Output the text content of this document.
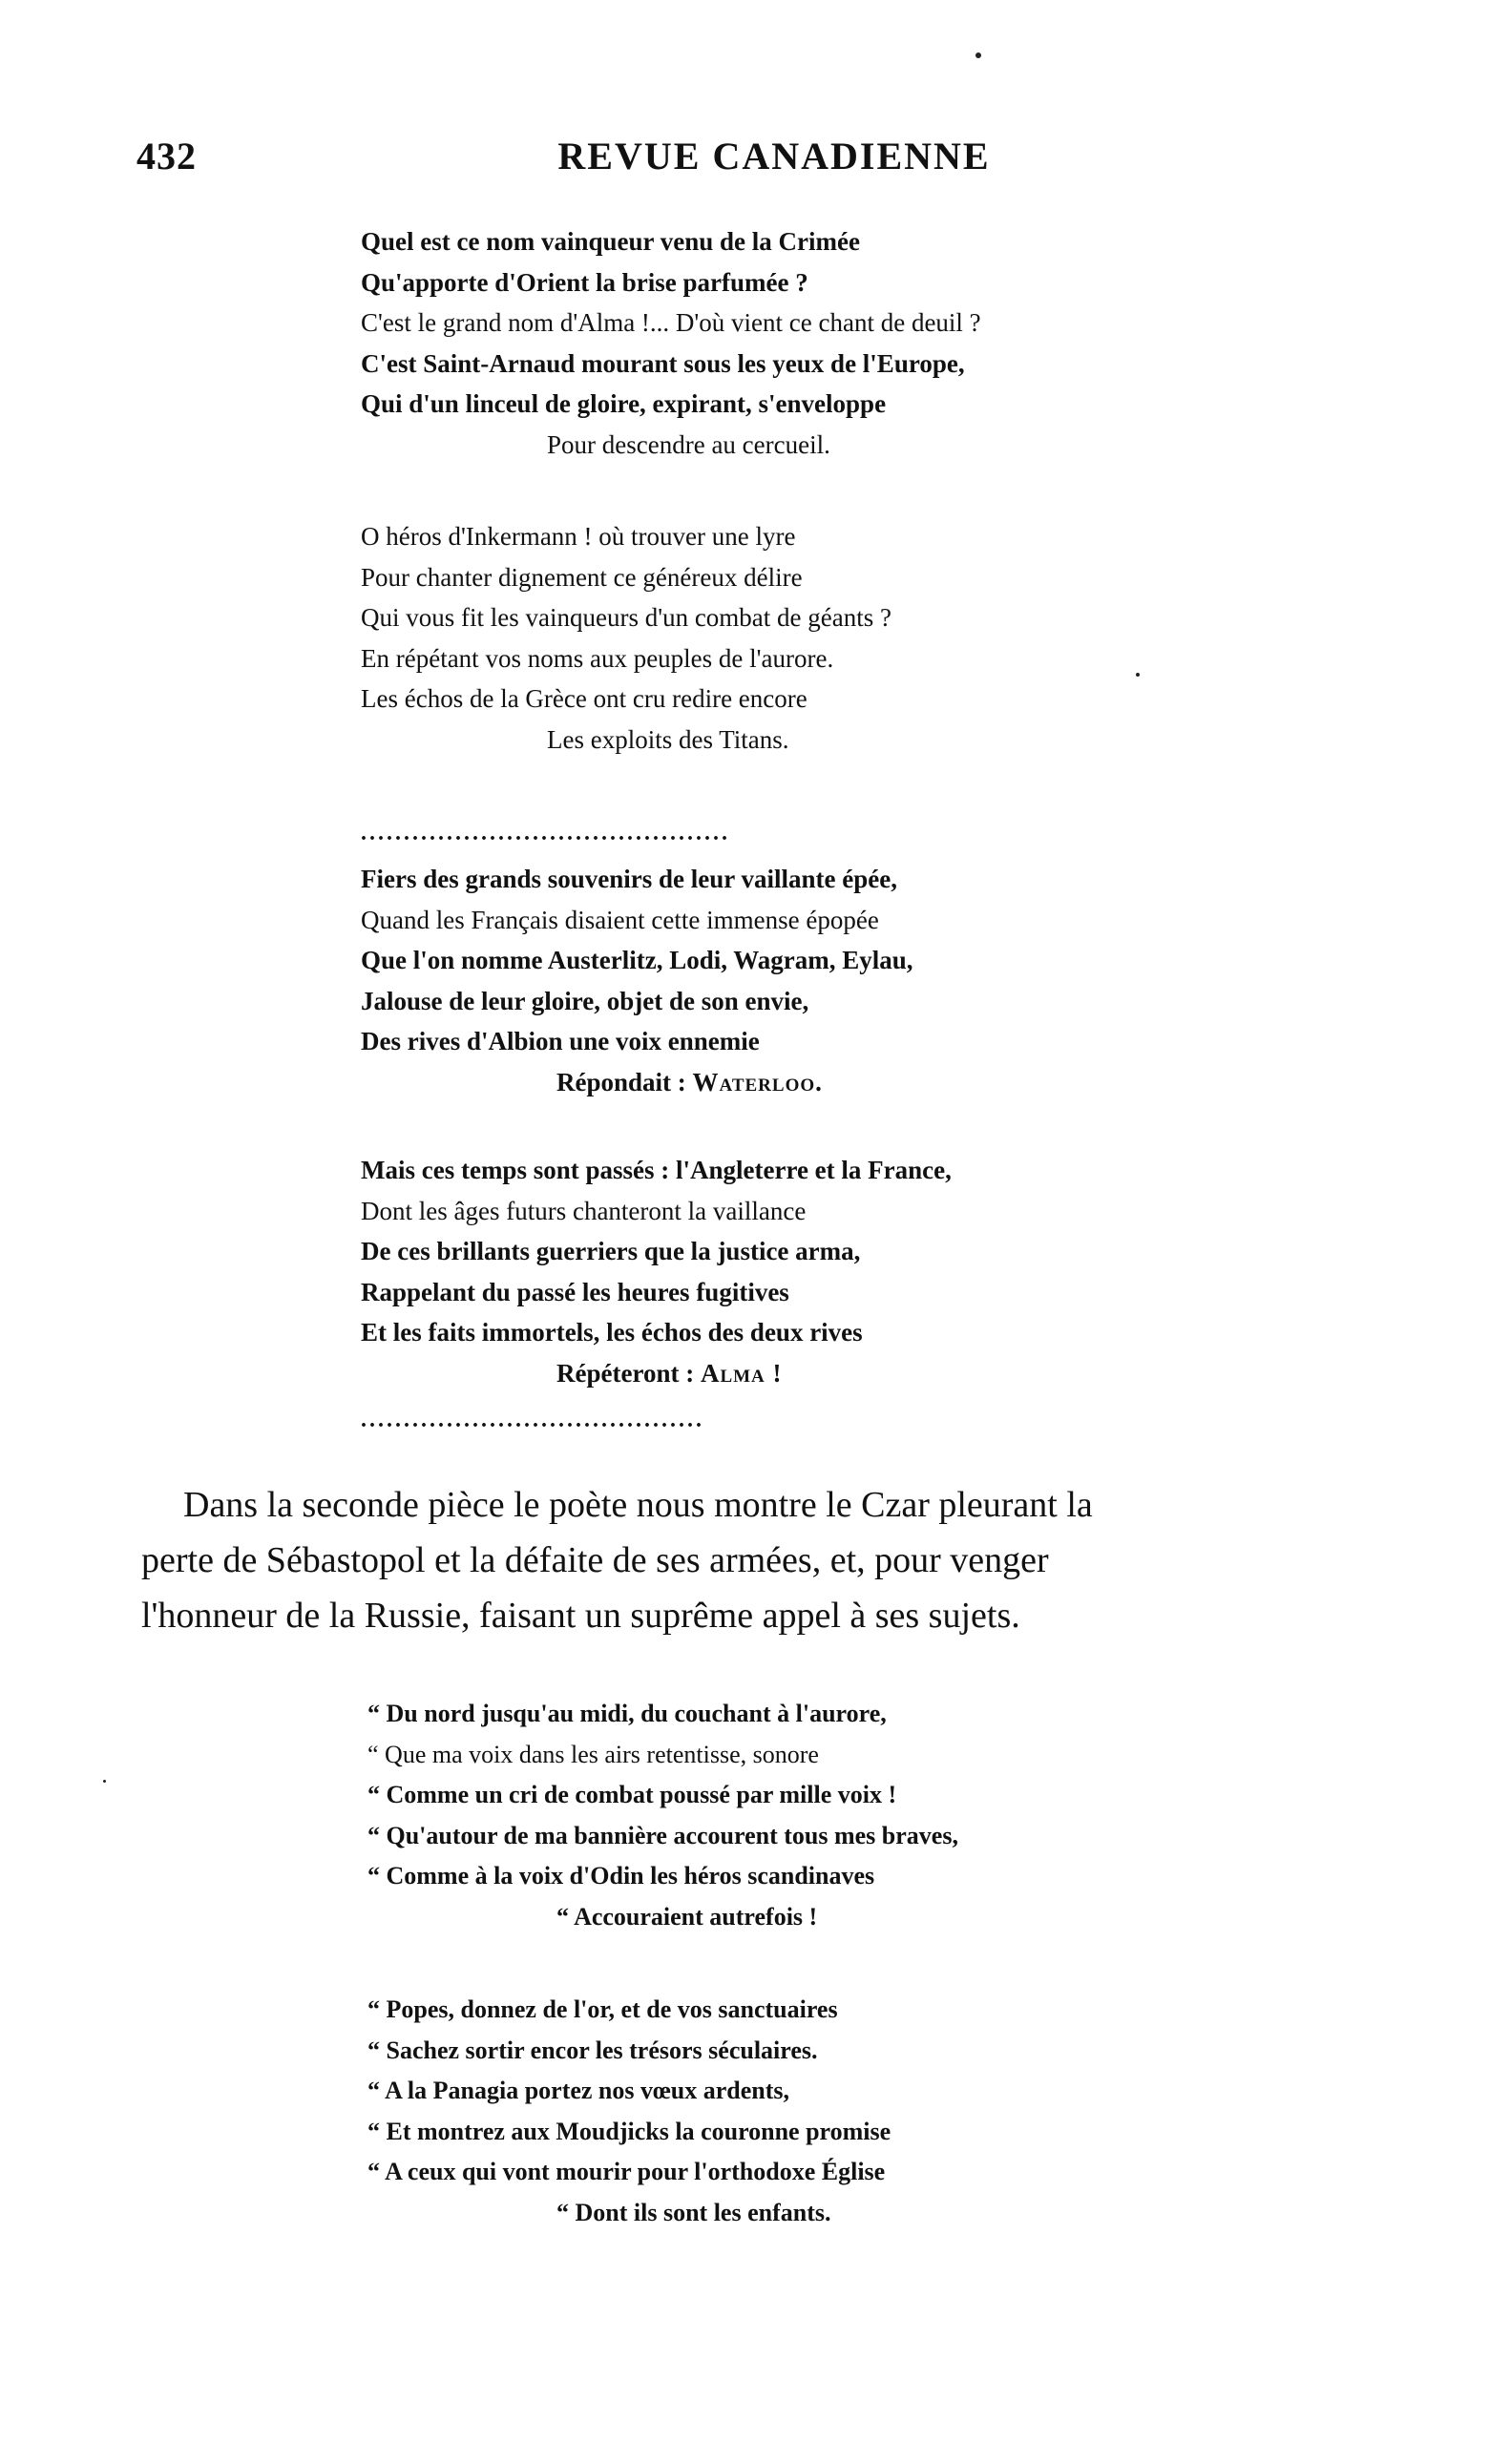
432	REVUE CANADIENNE
Quel est ce nom vainqueur venu de la Crimée
Qu'apporte d'Orient la brise parfumée ?
C'est le grand nom d'Alma !... D'où vient ce chant de deuil ?
C'est Saint-Arnaud mourant sous les yeux de l'Europe,
Qui d'un linceul de gloire, expirant, s'enveloppe
Pour descendre au cercueil.
O héros d'Inkermann ! où trouver une lyre
Pour chanter dignement ce généreux délire
Qui vous fit les vainqueurs d'un combat de géants ?
En répétant vos noms aux peuples de l'aurore.
Les échos de la Grèce ont cru redire encore
Les exploits des Titans.
...........................................
Fiers des grands souvenirs de leur vaillante épée,
Quand les Français disaient cette immense épopée
Que l'on nomme Austerlitz, Lodi, Wagram, Eylau,
Jalouse de leur gloire, objet de son envie,
Des rives d'Albion une voix ennemie
Répondait : Waterloo.
Mais ces temps sont passés : l'Angleterre et la France,
Dont les âges futurs chanteront la vaillance
De ces brillants guerriers que la justice arma,
Rappelant du passé les heures fugitives
Et les faits immortels, les échos des deux rives
Répéteront : Alma !
........................................
Dans la seconde pièce le poète nous montre le Czar pleurant la
perte de Sébastopol et la défaite de ses armées, et, pour venger
l'honneur de la Russie, faisant un suprême appel à ses sujets.
“ Du nord jusqu'au midi, du couchant à l'aurore,
“ Que ma voix dans les airs retentisse, sonore
“ Comme un cri de combat poussé par mille voix !
“ Qu'autour de ma bannière accourent tous mes braves,
“ Comme à la voix d'Odin les héros scandinaves
“ Accouraient autrefois !
“ Popes, donnez de l'or, et de vos sanctuaires
“ Sachez sortir encor les trésors séculaires.
“ A la Panagia portez nos vœux ardents,
“ Et montrez aux Moudjicks la couronne promise
“ A ceux qui vont mourir pour l'orthodoxe Église
“ Dont ils sont les enfants.
